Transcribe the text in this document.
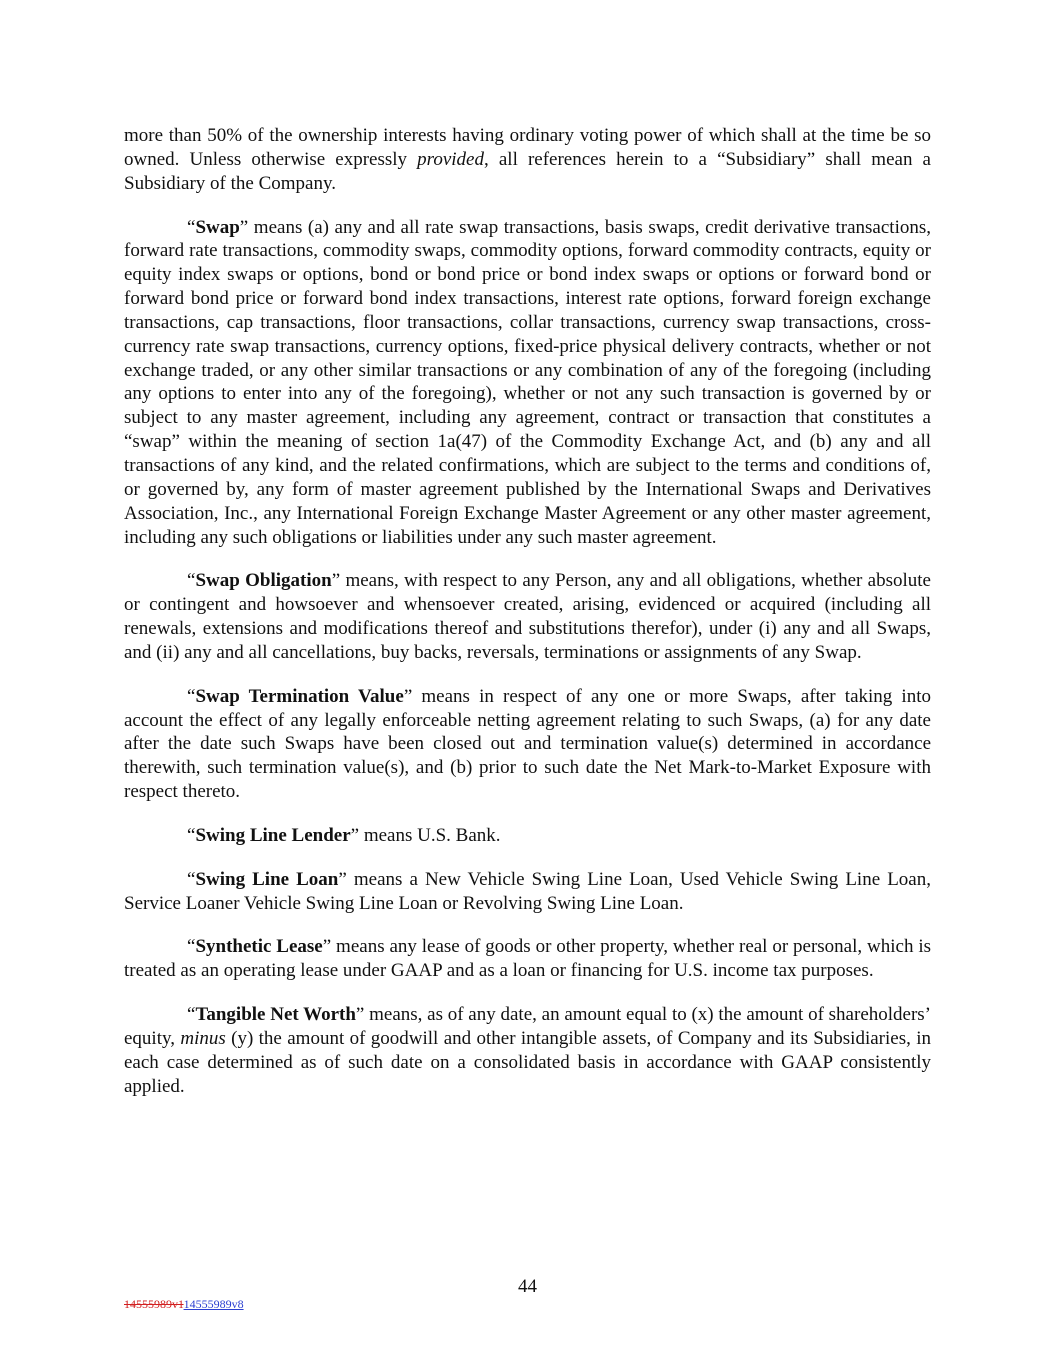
more than 50% of the ownership interests having ordinary voting power of which shall at the time be so owned. Unless otherwise expressly provided, all references herein to a “Subsidiary” shall mean a Subsidiary of the Company.

“Swap” means (a) any and all rate swap transactions, basis swaps, credit derivative transactions, forward rate transactions, commodity swaps, commodity options, forward commodity contracts, equity or equity index swaps or options, bond or bond price or bond index swaps or options or forward bond or forward bond price or forward bond index transactions, interest rate options, forward foreign exchange transactions, cap transactions, floor transactions, collar transactions, currency swap transactions, cross-currency rate swap transactions, currency options, fixed-price physical delivery contracts, whether or not exchange traded, or any other similar transactions or any combination of any of the foregoing (including any options to enter into any of the foregoing), whether or not any such transaction is governed by or subject to any master agreement, including any agreement, contract or transaction that constitutes a “swap” within the meaning of section 1a(47) of the Commodity Exchange Act, and (b) any and all transactions of any kind, and the related confirmations, which are subject to the terms and conditions of, or governed by, any form of master agreement published by the International Swaps and Derivatives Association, Inc., any International Foreign Exchange Master Agreement or any other master agreement, including any such obligations or liabilities under any such master agreement.

“Swap Obligation” means, with respect to any Person, any and all obligations, whether absolute or contingent and howsoever and whensoever created, arising, evidenced or acquired (including all renewals, extensions and modifications thereof and substitutions therefor), under (i) any and all Swaps, and (ii) any and all cancellations, buy backs, reversals, terminations or assignments of any Swap.

“Swap Termination Value” means in respect of any one or more Swaps, after taking into account the effect of any legally enforceable netting agreement relating to such Swaps, (a) for any date after the date such Swaps have been closed out and termination value(s) determined in accordance therewith, such termination value(s), and (b) prior to such date the Net Mark-to-Market Exposure with respect thereto.

“Swing Line Lender” means U.S. Bank.

“Swing Line Loan” means a New Vehicle Swing Line Loan, Used Vehicle Swing Line Loan, Service Loaner Vehicle Swing Line Loan or Revolving Swing Line Loan.

“Synthetic Lease” means any lease of goods or other property, whether real or personal, which is treated as an operating lease under GAAP and as a loan or financing for U.S. income tax purposes.

“Tangible Net Worth” means, as of any date, an amount equal to (x) the amount of shareholders’ equity, minus (y) the amount of goodwill and other intangible assets, of Company and its Subsidiaries, in each case determined as of such date on a consolidated basis in accordance with GAAP consistently applied.

44
14555989v114555989v8
